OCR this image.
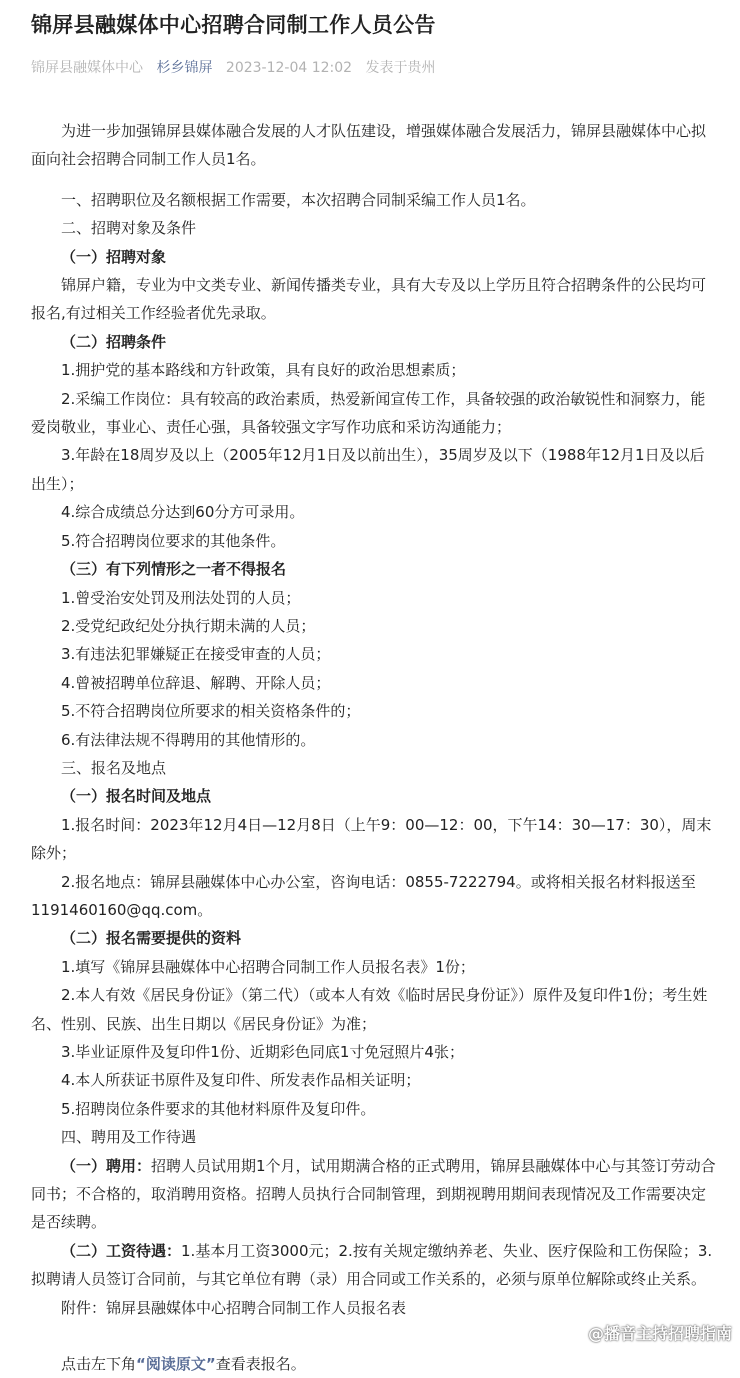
锦屏县融媒体中心招聘合同制工作人员公告
锦屏县融媒体中心 杉乡锦屏 2023-12-04 12:02 发表于贵州

为进一步加强锦屏县媒体融合发展的人才队伍建设，增强媒体融合发展活力，锦屏县融媒体中心拟面向社会招聘合同制工作人员1名。

一、招聘职位及名额根据工作需要，本次招聘合同制采编工作人员1名。

二、招聘对象及条件

（一）招聘对象

锦屏户籍，专业为中文类专业、新闻传播类专业，具有大专及以上学历且符合招聘条件的公民均可报名,有过相关工作经验者优先录取。

（二）招聘条件

1.拥护党的基本路线和方针政策，具有良好的政治思想素质；

2.采编工作岗位：具有较高的政治素质，热爱新闻宣传工作，具备较强的政治敏锐性和洞察力，能爱岗敬业，事业心、责任心强，具备较强文字写作功底和采访沟通能力；

3.年龄在18周岁及以上（2005年12月1日及以前出生），35周岁及以下（1988年12月1日及以后出生）；

4.综合成绩总分达到60分方可录用。

5.符合招聘岗位要求的其他条件。

（三）有下列情形之一者不得报名

1.曾受治安处罚及刑法处罚的人员；

2.受党纪政纪处分执行期未满的人员；

3.有违法犯罪嫌疑正在接受审查的人员；

4.曾被招聘单位辞退、解聘、开除人员；

5.不符合招聘岗位所要求的相关资格条件的；

6.有法律法规不得聘用的其他情形的。

三、报名及地点

（一）报名时间及地点

1.报名时间：2023年12月4日—12月8日（上午9：00—12：00，下午14：30—17：30），周末除外；

2.报名地点：锦屏县融媒体中心办公室，咨询电话：0855-7222794。或将相关报名材料报送至1191460160@qq.com。

（二）报名需要提供的资料

1.填写《锦屏县融媒体中心招聘合同制工作人员报名表》1份；

2.本人有效《居民身份证》（第二代）（或本人有效《临时居民身份证》）原件及复印件1份；考生姓名、性别、民族、出生日期以《居民身份证》为准；

3.毕业证原件及复印件1份、近期彩色同底1寸免冠照片4张；

4.本人所获证书原件及复印件、所发表作品相关证明；

5.招聘岗位条件要求的其他材料原件及复印件。

四、聘用及工作待遇

（一）聘用：招聘人员试用期1个月，试用期满合格的正式聘用，锦屏县融媒体中心与其签订劳动合同书；不合格的，取消聘用资格。招聘人员执行合同制管理，到期视聘用期间表现情况及工作需要决定是否续聘。

（二）工资待遇：1.基本月工资3000元；2.按有关规定缴纳养老、失业、医疗保险和工伤保险；3.拟聘请人员签订合同前，与其它单位有聘（录）用合同或工作关系的，必须与原单位解除或终止关系。

附件：锦屏县融媒体中心招聘合同制工作人员报名表

点击左下角“阅读原文”查看表报名。

@播音主持招聘指南
